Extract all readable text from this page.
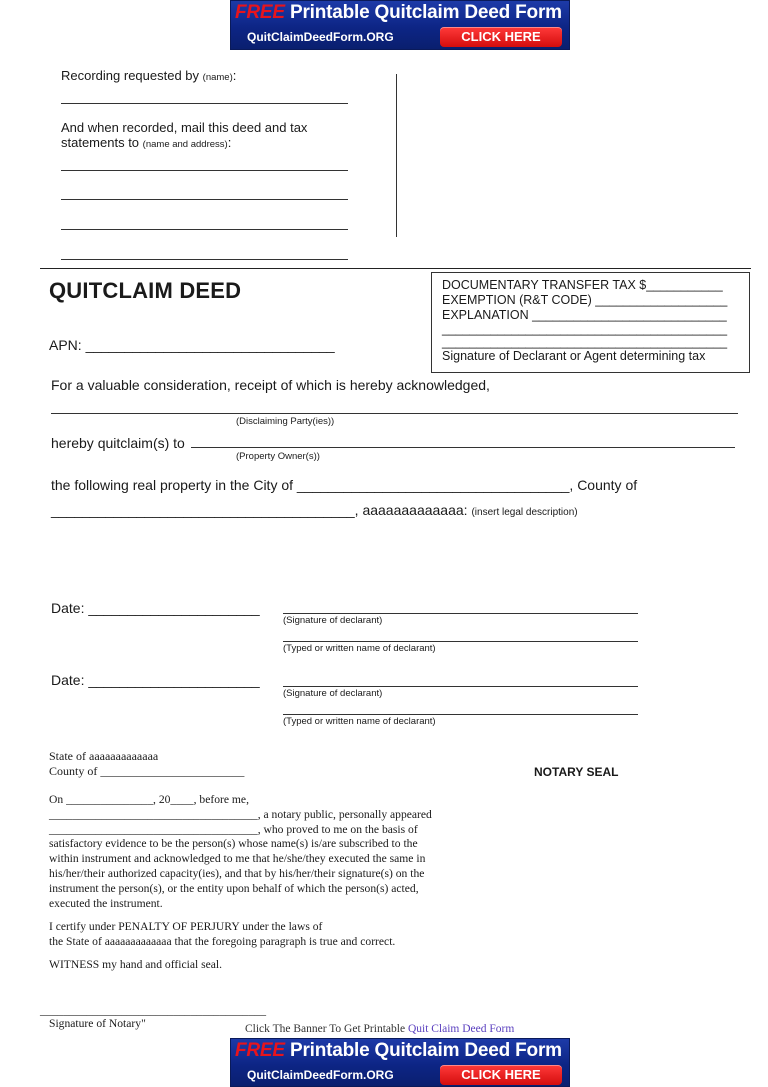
FREE Printable Quitclaim Deed Form
QuitClaimDeedForm.ORG	CLICK HERE
Recording requested by (name):
And when recorded, mail this deed and tax
statements to (name and address):
QUITCLAIM DEED	DOCUMENTARY TRANSFER TAX $___________
EXEMPTION (R&T CODE) ___________________
EXPLANATION ____________________________
_________________________________________
_________________________________________
Signature of Declarant or Agent determining tax
APN: ________________________________
For a valuable consideration, receipt of which is hereby acknowledged,
(Disclaiming Party(ies))
hereby quitclaim(s) to
(Property Owner(s))
the following real property in the City of ___________________________________, County of
_______________________________________, aaaaaaaaaaaaa: (insert legal description)
Date: ______________________
(Signature of declarant)
(Typed or written name of declarant)
Date: ______________________
(Signature of declarant)
(Typed or written name of declarant)
State of aaaaaaaaaaaaa
County of ________________________	NOTARY SEAL

On _______________, 20____, before me,

____________________________________, a notary public, personally appeared

____________________________________, who proved to me on the basis of

satisfactory evidence to be the person(s) whose name(s) is/are subscribed to the

within instrument and acknowledged to me that he/she/they executed the same in

his/her/their authorized capacity(ies), and that by his/her/their signature(s) on the

instrument the person(s), or the entity upon behalf of which the person(s) acted,

executed the instrument.

I certify under PENALTY OF PERJURY under the laws of

the State of aaaaaaaaaaaaa that the foregoing paragraph is true and correct.

WITNESS my hand and official seal.
_______________________________________
Signature of Notary"	Click The Banner To Get Printable Quit Claim Deed Form
FREE Printable Quitclaim Deed Form
QuitClaimDeedForm.ORG	CLICK HERE
